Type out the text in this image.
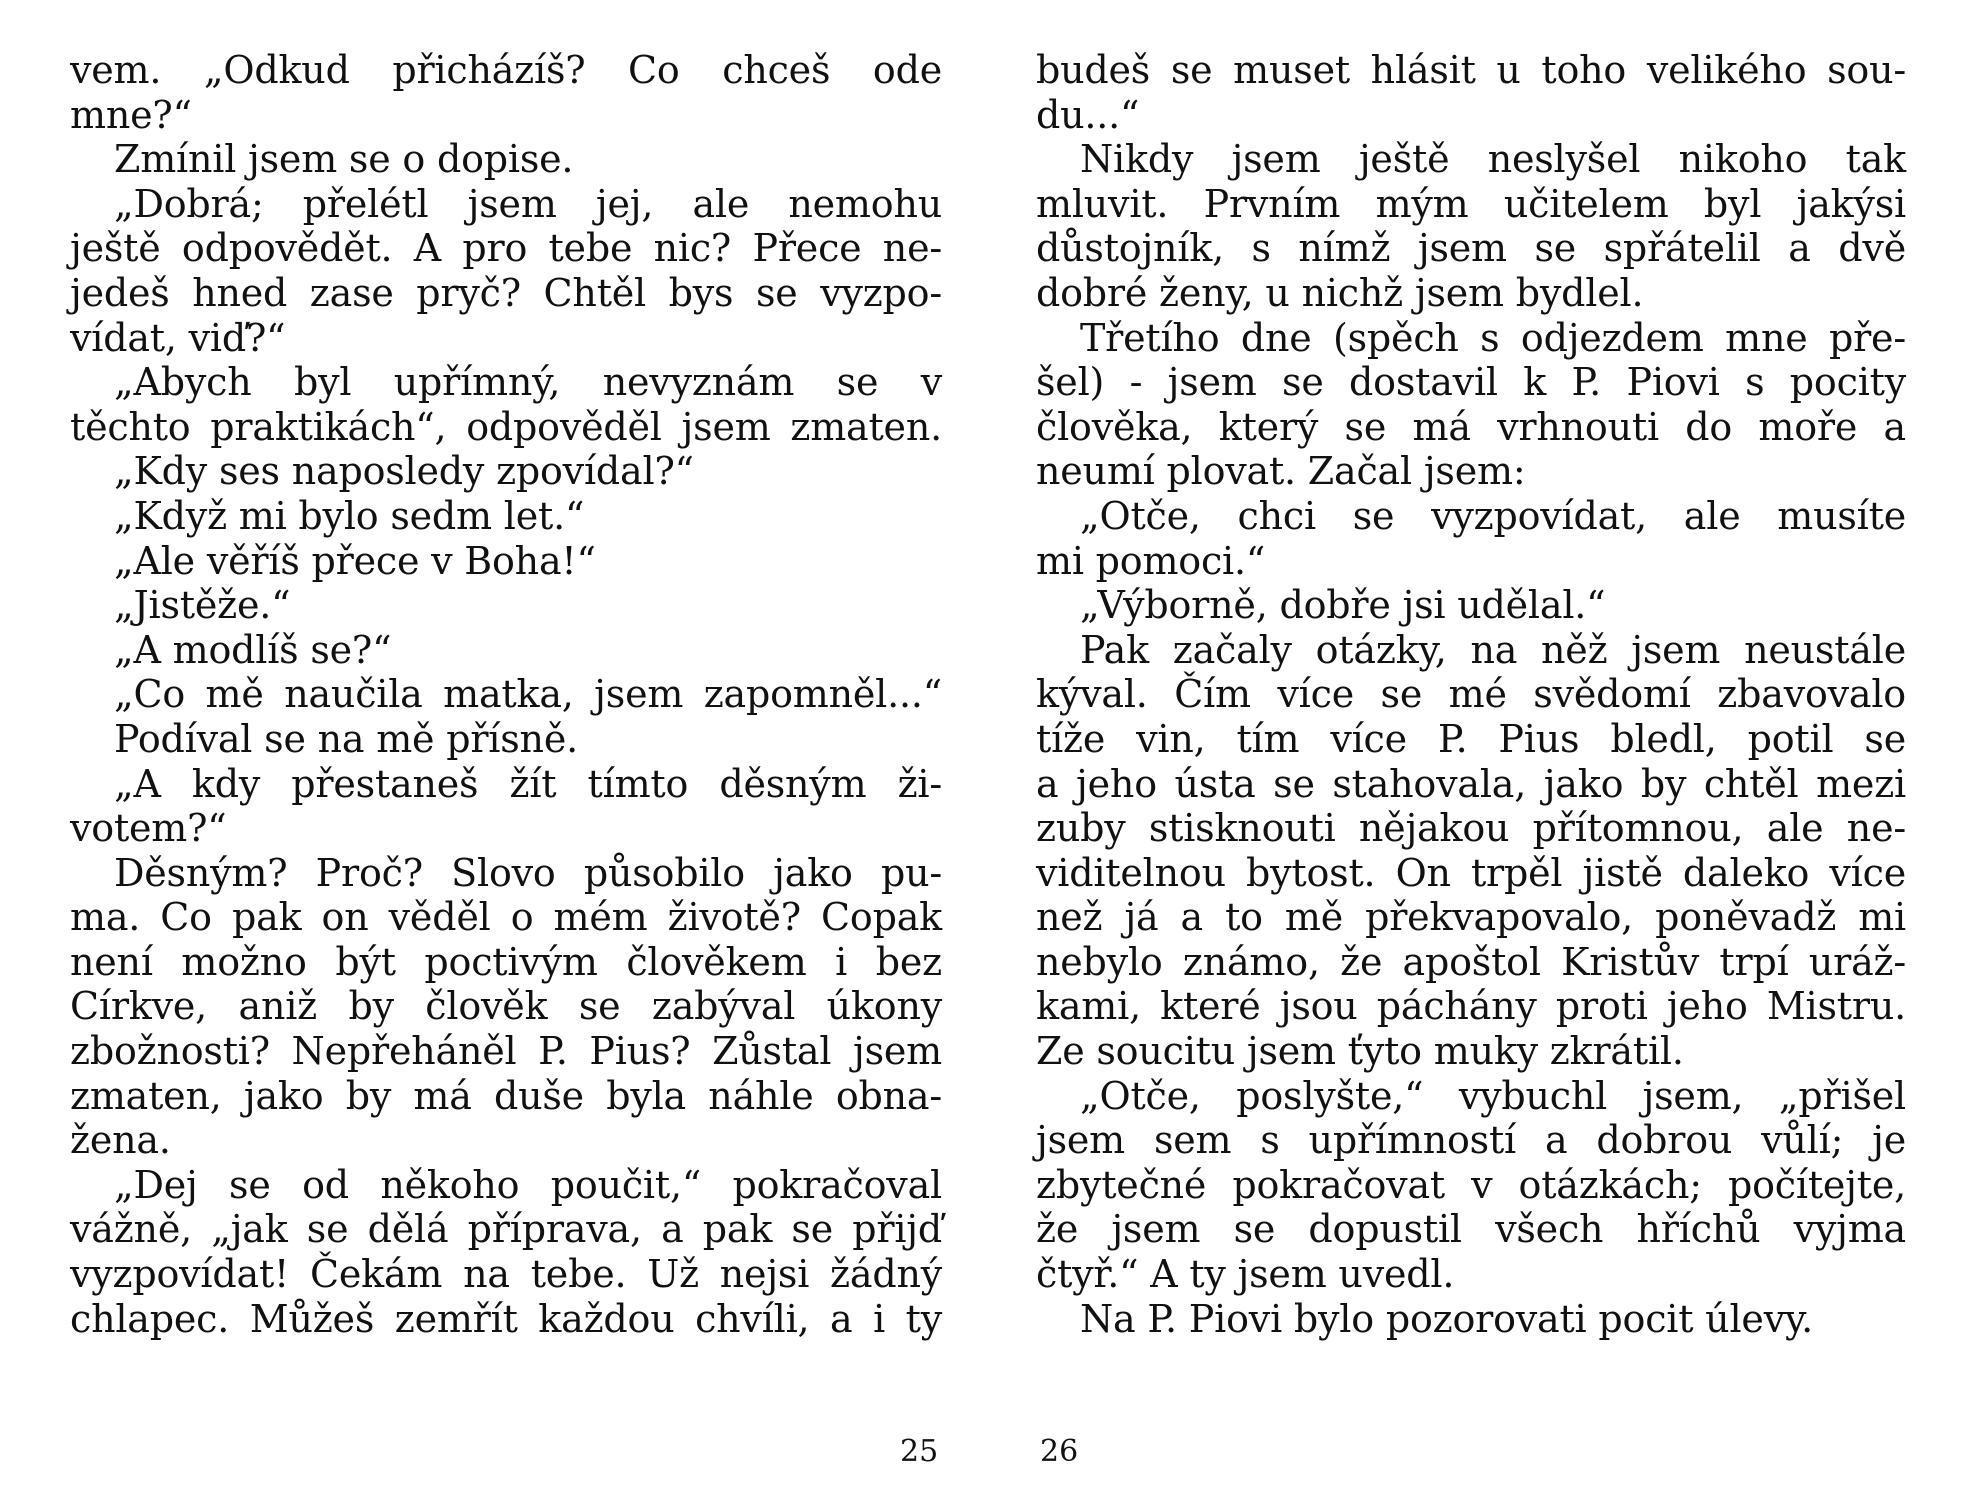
vem. „Odkud přicházíš? Co chceš ode
mne?“
Zmínil jsem se o dopise.
„Dobrá; přelétl jsem jej, ale nemohu
ještě odpovědět. A pro tebe nic? Přece ne-
jedeš hned zase pryč? Chtěl bys se vyzpo-
vídat, viď?“
„Abych byl upřímný, nevyznám se v
těchto praktikách“, odpověděl jsem zmaten.
„Kdy ses naposledy zpovídal?“
„Když mi bylo sedm let.“
„Ale věříš přece v Boha!“
„Jistěže.“
„A modlíš se?“
„Co mě naučila matka, jsem zapomněl...“
Podíval se na mě přísně.
„A kdy přestaneš žít tímto děsným ži-
votem?“
Děsným? Proč? Slovo působilo jako pu-
ma. Co pak on věděl o mém životě? Copak
není možno být poctivým člověkem i bez
Církve, aniž by člověk se zabýval úkony
zbožnosti? Nepřeháněl P. Pius? Zůstal jsem
zmaten, jako by má duše byla náhle obna-
žena.
„Dej se od někoho poučit,“ pokračoval
vážně, „jak se dělá příprava, a pak se přijď
vyzpovídat! Čekám na tebe. Už nejsi žádný
chlapec. Můžeš zemřít každou chvíli, a i ty
budeš se muset hlásit u toho velikého sou-
du...“
Nikdy jsem ještě neslyšel nikoho tak
mluvit. Prvním mým učitelem byl jakýsi
důstojník, s nímž jsem se spřátelil a dvě
dobré ženy, u nichž jsem bydlel.
Třetího dne (spěch s odjezdem mne pře-
šel) - jsem se dostavil k P. Piovi s pocity
člověka, který se má vrhnouti do moře a
neumí plovat. Začal jsem:
„Otče, chci se vyzpovídat, ale musíte
mi pomoci.“
„Výborně, dobře jsi udělal.“
Pak začaly otázky, na něž jsem neustále
kýval. Čím více se mé svědomí zbavovalo
tíže vin, tím více P. Pius bledl, potil se
a jeho ústa se stahovala, jako by chtěl mezi
zuby stisknouti nějakou přítomnou, ale ne-
viditelnou bytost. On trpěl jistě daleko více
než já a to mě překvapovalo, poněvadž mi
nebylo známo, že apoštol Kristův trpí uráž-
kami, které jsou páchány proti jeho Mistru.
Ze soucitu jsem ťyto muky zkrátil.
„Otče, poslyšte,“ vybuchl jsem, „přišel
jsem sem s upřímností a dobrou vůlí; je
zbytečné pokračovat v otázkách; počítejte,
že jsem se dopustil všech hříchů vyjma
čtyř.“ A ty jsem uvedl.
Na P. Piovi bylo pozorovati pocit úlevy.
25	26
